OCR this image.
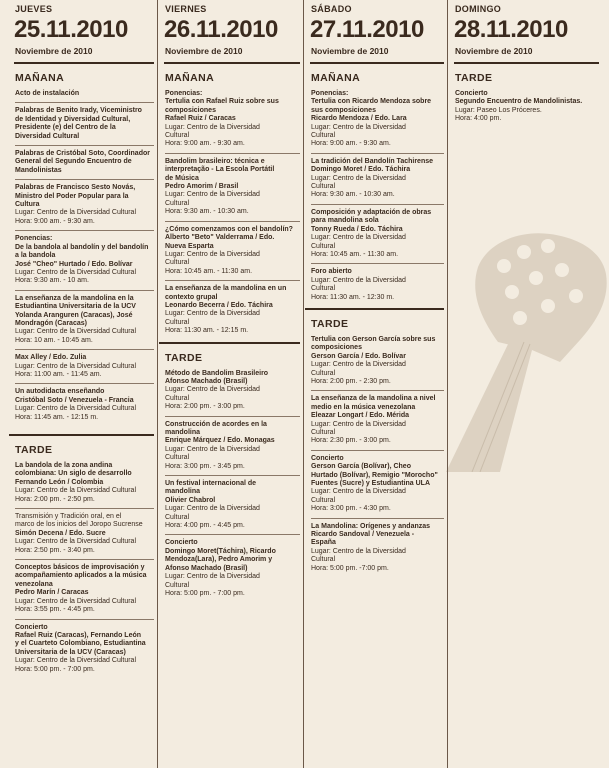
JUEVES
25.11.2010
Noviembre de 2010
MAÑANA
Acto de instalación
Palabras de Benito Irady, Viceministro
de Identidad y Diversidad Cultural,
Presidente (e) del Centro de la
Diversidad Cultural
Palabras de Cristóbal Soto, Coordinador
General del Segundo Encuentro de
Mandolinistas
Palabras de Francisco Sesto Novás,
Ministro del Poder Popular para la
Cultura
Lugar: Centro de la Diversidad Cultural
Hora: 9:00 am. - 9:30 am.
Ponencias:
De la bandola al bandolín y del bandolín
a la bandola
José "Cheo" Hurtado / Edo. Bolívar
Lugar: Centro de la Diversidad Cultural
Hora: 9:30 am. - 10 am.
La enseñanza de la mandolina en la
Estudiantina Universitaria de la UCV
Yolanda Aranguren (Caracas), José
Mondragón (Caracas)
Lugar: Centro de la Diversidad Cultural
Hora: 10 am. - 10:45 am.
Max Alley / Edo. Zulia
Lugar: Centro de la Diversidad Cultural
Hora: 11:00 am. - 11:45 am.
Un autodidacta enseñando
Cristóbal Soto / Venezuela - Francia
Lugar: Centro de la Diversidad Cultural
Hora: 11:45 am. - 12:15 m.
TARDE
La bandola de la zona andina
colombiana: Un siglo de desarrollo
Fernando León / Colombia
Lugar: Centro de la Diversidad Cultural
Hora: 2:00 pm. - 2:50 pm.
Transmisión y Tradición oral, en el
marco de los inicios del Joropo Sucrense
Simón Decena / Edo. Sucre
Lugar: Centro de la Diversidad Cultural
Hora: 2:50 pm. - 3:40 pm.
Conceptos básicos de improvisación y
acompañamiento aplicados a la música
venezolana
Pedro Marín / Caracas
Lugar: Centro de la Diversidad Cultural
Hora: 3:55 pm. - 4:45 pm.
Concierto
Rafael Ruiz (Caracas), Fernando León
y el Cuarteto Colombiano, Estudiantina
Universitaria de la UCV (Caracas)
Lugar: Centro de la Diversidad Cultural
Hora: 5:00 pm. - 7:00 pm.
VIERNES
26.11.2010
Noviembre de 2010
MAÑANA
Ponencias:
Tertulia con Rafael Ruiz sobre sus
composiciones
Rafael Ruiz / Caracas
Lugar: Centro de la Diversidad
Cultural
Hora: 9:00 am. - 9:30 am.
Bandolim brasileiro: técnica e
interpretação - La Escola Portátil
de Música
Pedro Amorim / Brasil
Lugar: Centro de la Diversidad
Cultural
Hora: 9:30 am. - 10:30 am.
¿Cómo comenzamos con el bandolín?
Alberto "Beto" Valderrama / Edo.
Nueva Esparta
Lugar: Centro de la Diversidad
Cultural
Hora: 10:45 am. - 11:30 am.
La enseñanza de la mandolina en un
contexto grupal
Leonardo Becerra / Edo. Táchira
Lugar: Centro de la Diversidad
Cultural
Hora: 11:30 am. - 12:15 m.
TARDE
Método de Bandolim Brasileiro
Afonso Machado (Brasil)
Lugar: Centro de la Diversidad
Cultural
Hora: 2:00 pm. - 3:00 pm.
Construcción de acordes en la
mandolina
Enrique Márquez / Edo. Monagas
Lugar: Centro de la Diversidad
Cultural
Hora: 3:00 pm. - 3:45 pm.
Un festival internacional de
mandolina
Olivier Chabrol
Lugar: Centro de la Diversidad
Cultural
Hora: 4:00 pm. - 4:45 pm.
Concierto
Domingo Moret(Táchira), Ricardo
Mendoza(Lara), Pedro Amorim y
Afonso Machado (Brasil)
Lugar: Centro de la Diversidad
Cultural
Hora: 5:00 pm. - 7:00 pm.
SÁBADO
27.11.2010
Noviembre de 2010
MAÑANA
Ponencias:
Tertulia con Ricardo Mendoza sobre
sus composiciones
Ricardo Mendoza / Edo. Lara
Lugar: Centro de la Diversidad
Cultural
Hora: 9:00 am. - 9:30 am.
La tradición del Bandolín Tachirense
Domingo Moret / Edo. Táchira
Lugar: Centro de la Diversidad
Cultural
Hora: 9:30 am. - 10:30 am.
Composición y adaptación de obras
para mandolina sola
Tonny Rueda / Edo. Táchira
Lugar: Centro de la Diversidad
Cultural
Hora: 10:45 am. - 11:30 am.
Foro abierto
Lugar: Centro de la Diversidad
Cultural
Hora: 11:30 am. - 12:30 m.
TARDE
Tertulia con Gerson García sobre sus
composiciones
Gerson García / Edo. Bolívar
Lugar: Centro de la Diversidad
Cultural
Hora: 2:00 pm. - 2:30 pm.
La enseñanza de la mandolina a nivel
medio en la música venezolana
Eleazar Longart / Edo. Mérida
Lugar: Centro de la Diversidad
Cultural
Hora: 2:30 pm. - 3:00 pm.
Concierto
Gerson García (Bolívar), Cheo
Hurtado (Bolívar), Remigio "Morocho"
Fuentes (Sucre) y Estudiantina ULA
Lugar: Centro de la Diversidad
Cultural
Hora: 3:00 pm. - 4:30 pm.
La Mandolina: Orígenes y andanzas
Ricardo Sandoval / Venezuela -
España
Lugar: Centro de la Diversidad
Cultural
Hora: 5:00 pm. -7:00 pm.
DOMINGO
28.11.2010
Noviembre de 2010
TARDE
Concierto
Segundo Encuentro de Mandolinistas.
Lugar: Paseo Los Próceres.
Hora: 4:00 pm.
